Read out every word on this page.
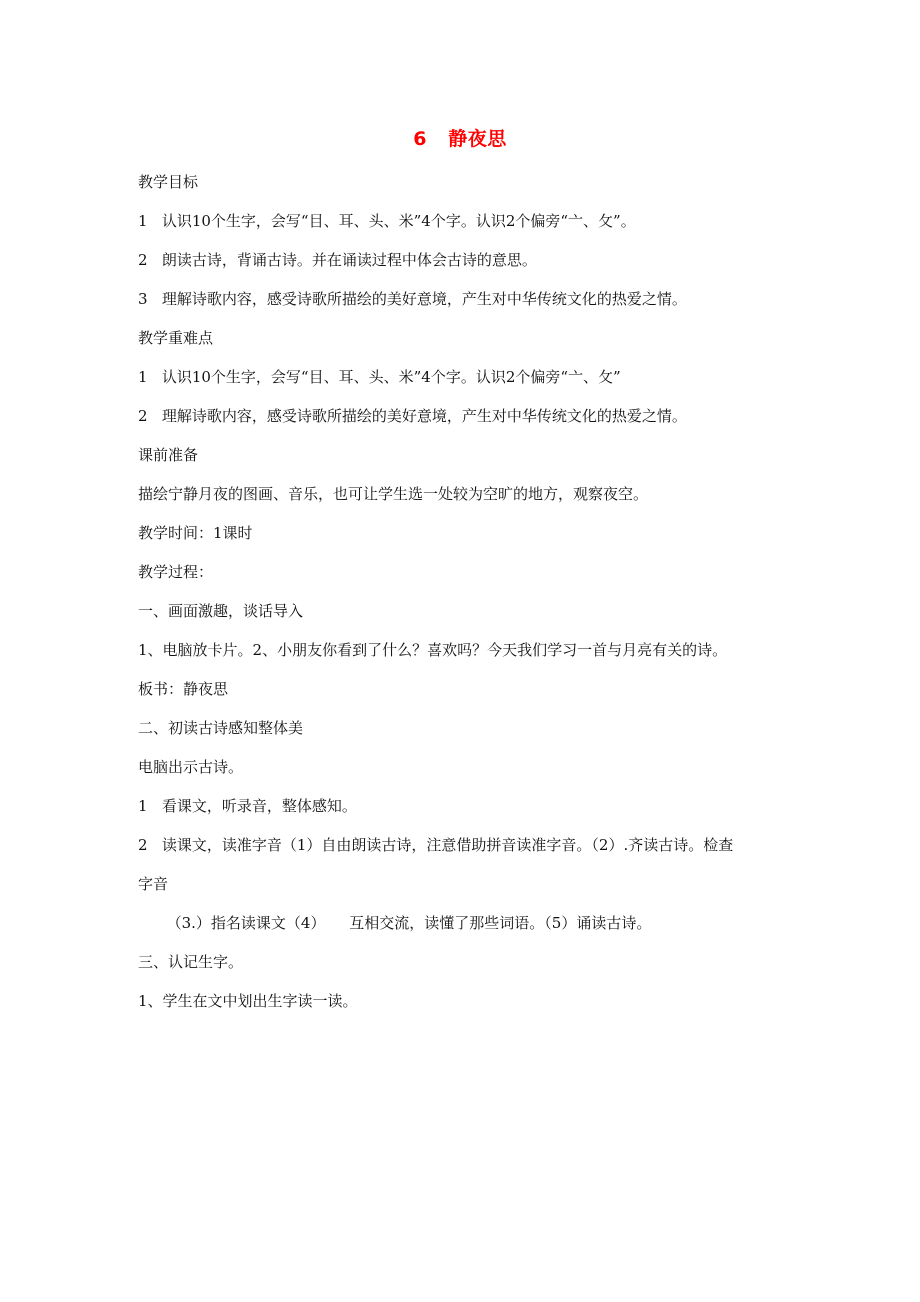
6   静夜思
教学目标
1   认识10个生字，会写“目、耳、头、米”4个字。认识2个偏旁“亠、攵”。
2   朗读古诗，背诵古诗。并在诵读过程中体会古诗的意思。
3   理解诗歌内容，感受诗歌所描绘的美好意境，产生对中华传统文化的热爱之情。
教学重难点
1   认识10个生字，会写“目、耳、头、米”4个字。认识2个偏旁“亠、攵”
2   理解诗歌内容，感受诗歌所描绘的美好意境，产生对中华传统文化的热爱之情。
课前准备
描绘宁静月夜的图画、音乐，也可让学生选一处较为空旷的地方，观察夜空。
教学时间：1课时
教学过程：
一、画面激趣，谈话导入
1、电脑放卡片。2、小朋友你看到了什么？喜欢吗？今天我们学习一首与月亮有关的诗。
板书：静夜思
二、初读古诗感知整体美
电脑出示古诗。
1   看课文，听录音，整体感知。
2   读课文，读准字音（1）自由朗读古诗，注意借助拼音读准字音。（2）.齐读古诗。检查
字音
（3.）指名读课文（4）     互相交流，读懂了那些词语。（5）诵读古诗。
三、认记生字。
1、学生在文中划出生字读一读。
